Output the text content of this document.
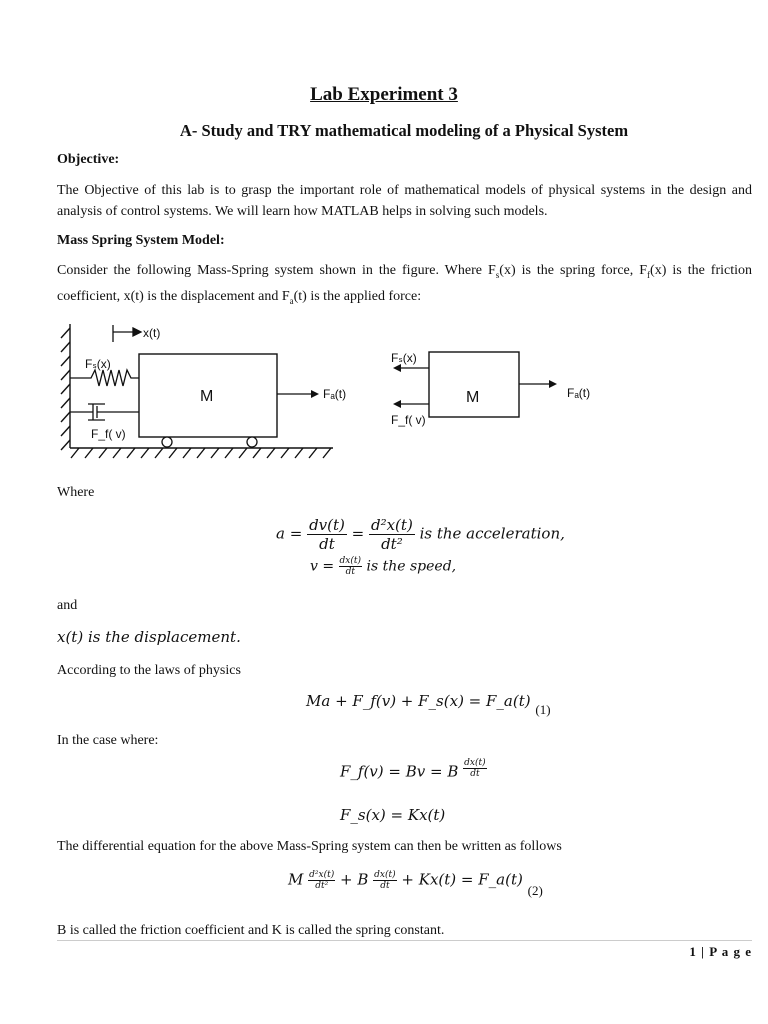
Lab Experiment 3
A- Study and TRY mathematical modeling of a Physical System
Objective:
The Objective of this lab is to grasp the important role of mathematical models of physical systems in the design and analysis of control systems. We will learn how MATLAB helps in solving such models.
Mass Spring System Model:
Consider the following Mass-Spring system shown in the figure. Where $F_s(x)$ is the spring force, $F_f(x)$ is the friction coefficient, x(t) is the displacement and $F_a(t)$ is the applied force:
x(t)
Fₛ(x)
F_f( v)
M	Fₐ(t)
Fₛ(x)
M
F_f( v)
Fₐ(t)
Where
$a = \frac{dv(t)}{dt} = \frac{\text{d²x(t)}}{\text{dt²}}$ is the acceleration,
$v = \frac{dx(t)}{dt}$ is the speed,
and
x(t) is the displacement.
According to the laws of physics
Ma + F_f(v) + F_s(x) = F_a(t) (1)
In the case where:
F_f(v) = Bv = B $\frac{dx(t)}{dt}$
F_s(x) = Kx(t)
The differential equation for the above Mass-Spring system can then be written as follows
M $\frac{\text{d²x(t)}}{\text{dt²}} + B \frac{dx(t)}{dt} + Kx(t)$ = F_a(t) (2)
B is called the friction coefficient and K is called the spring constant.
1 | P a g e
